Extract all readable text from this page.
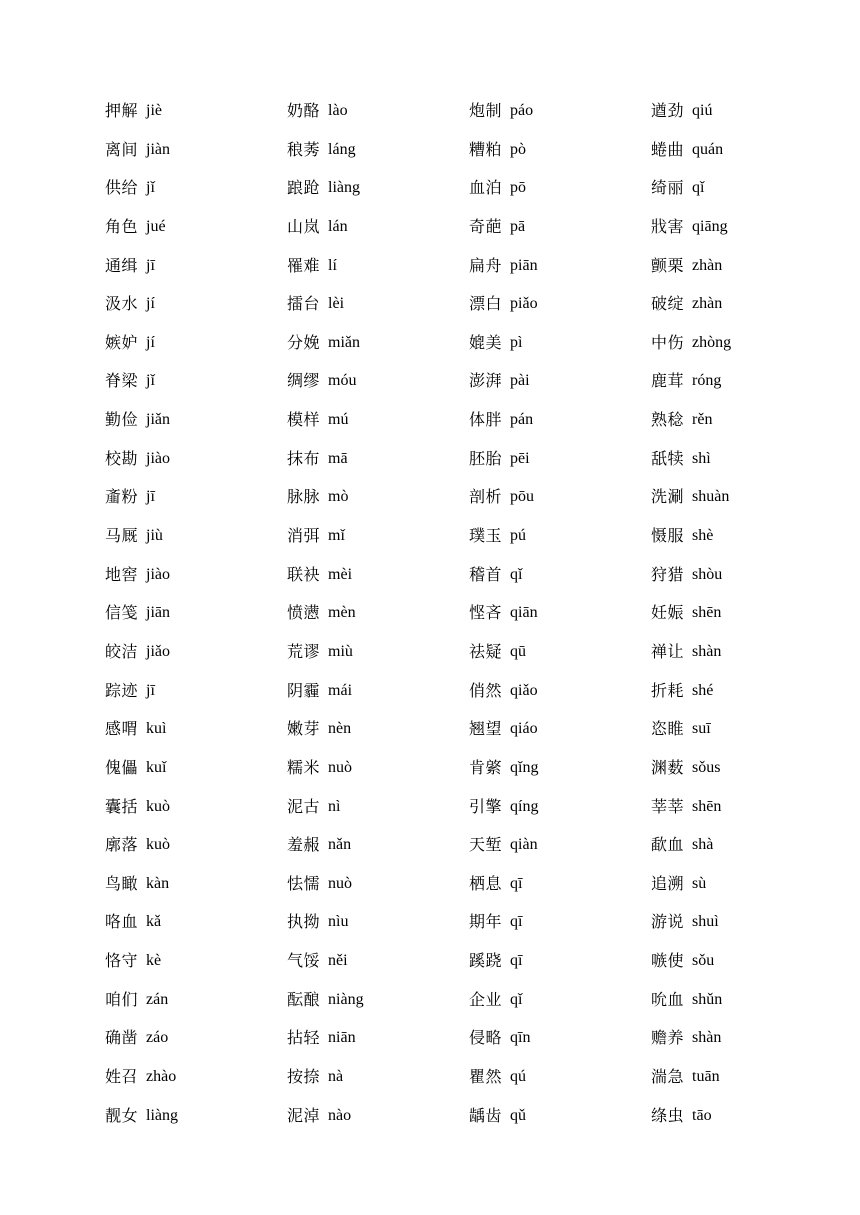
押解 jiè	奶酪 lào	炮制 páo	遒劲 qiú
离间 jiàn	稂莠 láng	糟粕 pò	蜷曲 quán
供给 jǐ	踉跄 liàng	血泊 pō	绮丽 qǐ
角色 jué	山岚 lán	奇葩 pā	戕害 qiāng
通缉 jī	罹难 lí	扁舟 piān	颤栗 zhàn
汲水 jí	擂台 lèi	漂白 piǎo	破绽 zhàn
嫉妒 jí	分娩 miǎn	媲美 pì	中伤 zhòng
脊梁 jǐ	绸缪 móu	澎湃 pài	鹿茸 róng
勤俭 jiǎn	模样 mú	体胖 pán	熟稔 rěn
校勘 jiào	抹布 mā	胚胎 pēi	舐犊 shì
齑粉 jī	脉脉 mò	剖析 pōu	洗涮 shuàn
马厩 jiù	消弭 mǐ	璞玉 pú	慑服 shè
地窖 jiào	联袂 mèi	稽首 qǐ	狩猎 shòu
信笺 jiān	愤懑 mèn	悭吝 qiān	妊娠 shēn
皎洁 jiǎo	荒谬 miù	祛疑 qū	禅让 shàn
踪迹 jī	阴霾 mái	俏然 qiǎo	折耗 shé
感喟 kuì	嫩芽 nèn	翘望 qiáo	恣睢 suī
傀儡 kuǐ	糯米 nuò	肯綮 qǐng	渊薮 sǒus
囊括 kuò	泥古 nì	引擎 qíng	莘莘 shēn
廓落 kuò	羞赧 nǎn	天堑 qiàn	歃血 shà
鸟瞰 kàn	怯懦 nuò	栖息 qī	追溯 sù
咯血 kǎ	执拗 nìu	期年 qī	游说 shuì
恪守 kè	气馁 něi	蹊跷 qī	嗾使 sǒu
咱们 zán	酝酿 niàng	企业 qǐ	吮血 shǔn
确凿 záo	拈轻 niān	侵略 qīn	赡养 shàn
姓召 zhào	按捺 nà	瞿然 qú	湍急 tuān
靓女 liàng	泥淖 nào	龋齿 qǔ	绦虫 tāo
